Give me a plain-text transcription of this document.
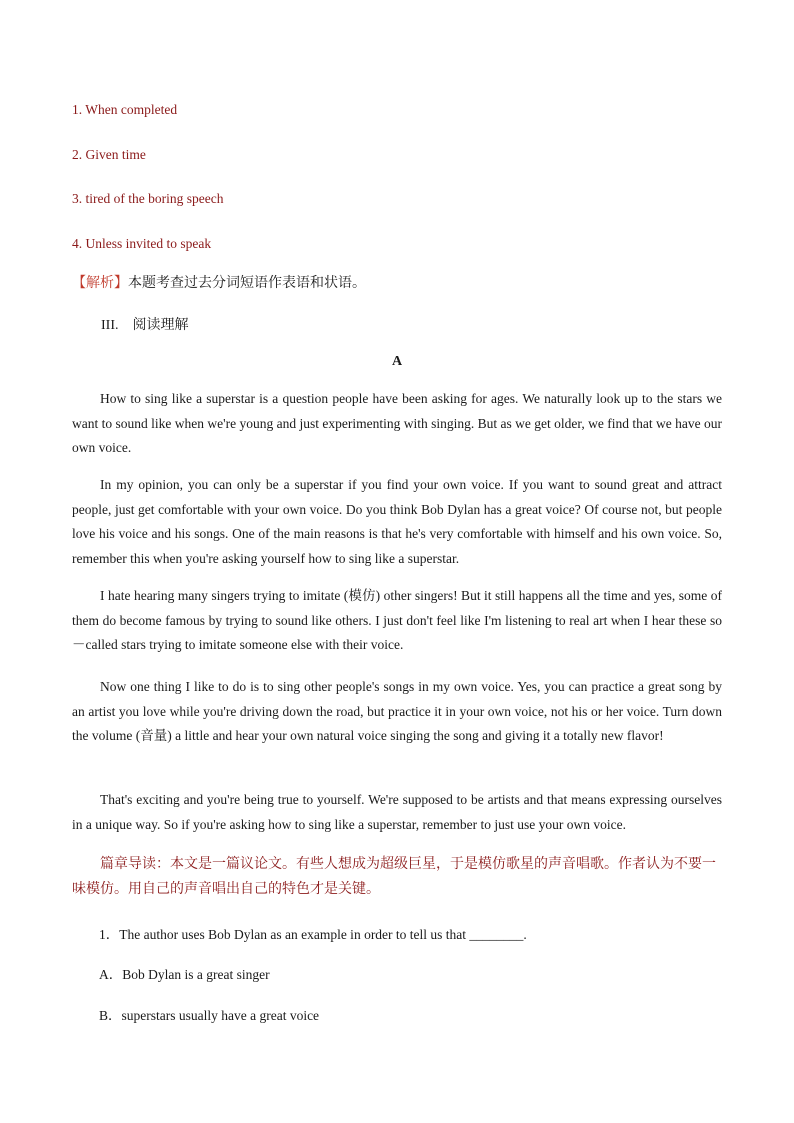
1. When completed

2. Given time

3. tired of the boring speech

4. Unless invited to speak

【解析】本题考查过去分词短语作表语和状语。

III. 阅读理解

A

How to sing like a superstar is a question people have been asking for ages. We naturally look up to the stars we want to sound like when we're young and just experimenting with singing. But as we get older, we find that we have our own voice.

In my opinion, you can only be a superstar if you find your own voice. If you want to sound great and attract people, just get comfortable with your own voice. Do you think Bob Dylan has a great voice? Of course not, but people love his voice and his songs. One of the main reasons is that he's very comfortable with himself and his own voice. So, remember this when you're asking yourself how to sing like a superstar.

I hate hearing many singers trying to imitate (模仿) other singers! But it still happens all the time and yes, some of them do become famous by trying to sound like others. I just don't feel like I'm listening to real art when I hear these so－called stars trying to imitate someone else with their voice.

Now one thing I like to do is to sing other people's songs in my own voice. Yes, you can practice a great song by an artist you love while you're driving down the road, but practice it in your own voice, not his or her voice. Turn down the volume (音量) a little and hear your own natural voice singing the song and giving it a totally new flavor!

That's exciting and you're being true to yourself. We're supposed to be artists and that means expressing ourselves in a unique way. So if you're asking how to sing like a superstar, remember to just use your own voice.

篇章导读：本文是一篇议论文。有些人想成为超级巨星，于是模仿歌星的声音唱歌。作者认为不要一味模仿。用自己的声音唱出自己的特色才是关键。

1．The author uses Bob Dylan as an example in order to tell us that ________.

A．Bob Dylan is a great singer

B．superstars usually have a great voice
